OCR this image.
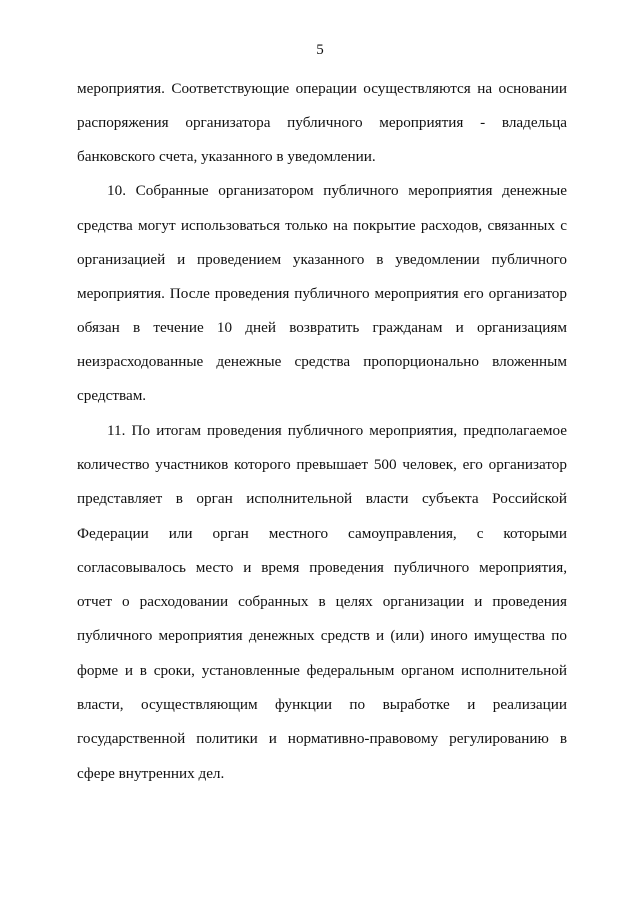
5
мероприятия. Соответствующие операции осуществляются на основании
распоряжения организатора публичного мероприятия - владельца
банковского счета, указанного в уведомлении.
10. Собранные организатором публичного мероприятия денежные
средства могут использоваться только на покрытие расходов, связанных с
организацией и проведением указанного в уведомлении публичного
мероприятия. После проведения публичного мероприятия его организатор
обязан в течение 10 дней возвратить гражданам и организациям
неизрасходованные денежные средства пропорционально вложенным
средствам.
11. По итогам проведения публичного мероприятия, предполагаемое
количество участников которого превышает 500 человек, его организатор
представляет в орган исполнительной власти субъекта Российской
Федерации или орган местного самоуправления, с которыми
согласовывалось место и время проведения публичного мероприятия,
отчет о расходовании собранных в целях организации и проведения
публичного мероприятия денежных средств и (или) иного имущества по
форме и в сроки, установленные федеральным органом исполнительной
власти, осуществляющим функции по выработке и реализации
государственной политики и нормативно-правовому регулированию в
сфере внутренних дел.
